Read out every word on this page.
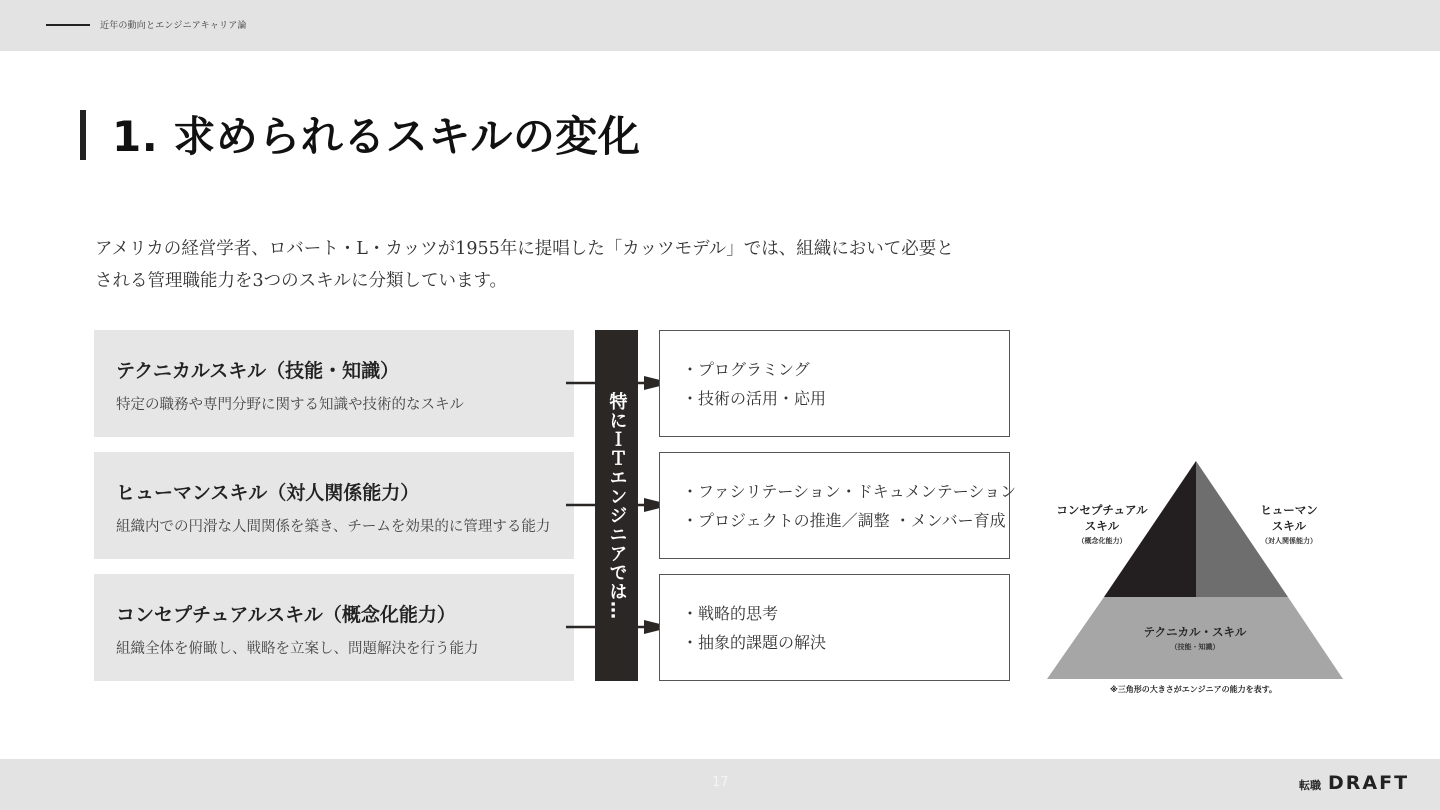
近年の動向とエンジニアキャリア論
1. 求められるスキルの変化
アメリカの経営学者、ロバート・L・カッツが1955年に提唱した「カッツモデル」では、組織において必要と
される管理職能力を3つのスキルに分類しています。
テクニカルスキル（技能・知識）
特定の職務や専門分野に関する知識や技術的なスキル
ヒューマンスキル（対人関係能力）
組織内での円滑な人間関係を築き、チームを効果的に管理する能力
コンセプチュアルスキル（概念化能力）
組織全体を俯瞰し、戦略を立案し、問題解決を行う能力
特にＩＴエンジニアでは…
・プログラミング
・技術の活用・応用
・ファシリテーション・ドキュメンテーション
・プロジェクトの推進／調整 ・メンバー育成
・戦略的思考
・抽象的課題の解決
コンセプチュアル
スキル
（概念化能力）
ヒューマン
スキル
（対人関係能力）
テクニカル・スキル
（技能・知識）
※三角形の大きさがエンジニアの能力を表す。
17	転職 DRAFT
